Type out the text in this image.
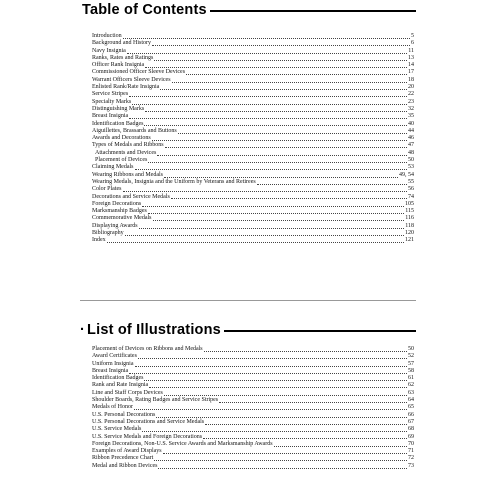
Table of Contents
Introduction	5
Background and History	6
Navy Insignia	11
Ranks, Rates and Ratings	13
Officer Rank Insignia	14
Commissioned Officer Sleeve Devices	17
Warrant Officers Sleeve Devices	18
Enlisted Rank/Rate Insignia	20
Service Stripes	22
Specialty Marks	23
Distinguishing Marks	32
Breast Insignia	35
Identification Badges	40
Aiguillettes, Brassards and Buttons	44
Awards and Decorations	46
Types of Medals and Ribbons	47
Attachments and Devices	48
Placement of Devices	50
Claiming Medals	53
Wearing Ribbons and Medals	49, 54
Wearing Medals, Insignia and the Uniform by Veterans and Retirees	55
Color Plates	56
Decorations and Service Medals	74
Foreign Decorations	105
Marksmanship Badges	115
Commemorative Medals	116
Displaying Awards	118
Bibliography	120
Index	121
· List of Illustrations
Placement of Devices on Ribbons and Medals	50
Award Certificates	52
Uniform Insignia	57
Breast Insignia	58
Identification Badges	61
Rank and Rate Insignia	62
Line and Staff Corps Devices	63
Shoulder Boards, Rating Badges and Service Stripes	64
Medals of Honor	65
U.S. Personal Decorations	66
U.S. Personal Decorations and Service Medals	67
U.S. Service Medals	68
U.S. Service Medals and Foreign Decorations	69
Foreign Decorations, Non-U.S. Service Awards and Marksmanship Awards	70
Examples of Award Displays	71
Ribbon Precedence Chart	72
Medal and Ribbon Devices	73
